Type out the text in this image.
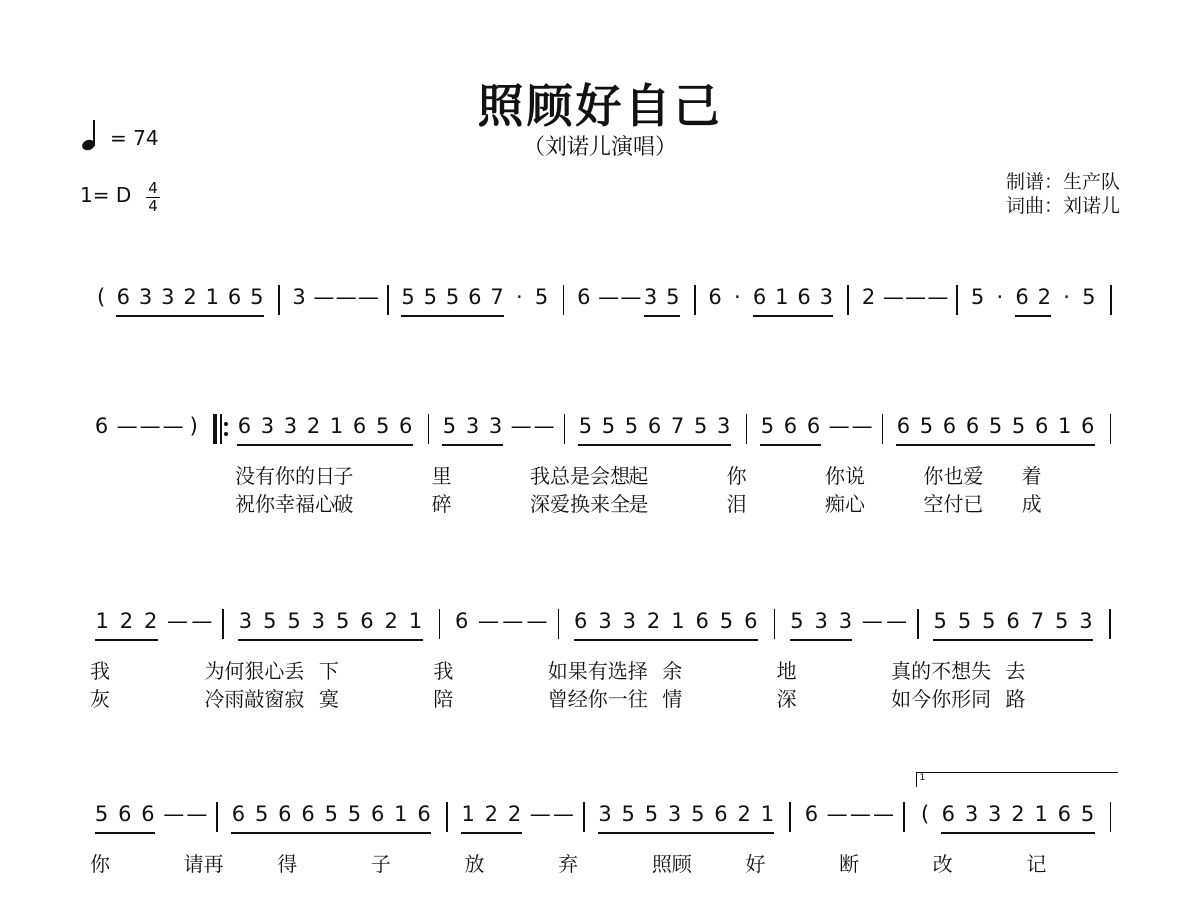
照顾好自己
（刘诺儿演唱）
= 74
1= D 4
4
制谱：生产队
词曲：刘诺儿
( 6 3 3 2 1 6 5 3 — — — 5 5 5 6 7 · 5 6 — — 3 5 6 · 6 1 6 3 2 — — — 5 · 6 2 · 5
6 — — — ) 6 3 3 2 1 6 5 6 5 3 3 — — 5 5 5 6 7 5 3 5 6 6 — — 6 5 6 6 5 5 6 1 6
没有你的日
子	里	我总是会想
起	你	你说	你也爱 着
祝你幸福心
破	碎	深爱换来全
是	泪	痴心	空付已 成
1 2 2 — — 3 5 5 3 5 6 2 1 6 — — — 6 3 3 2 1 6 5 6 5 3 3 — — 5 5 5 6 7 5 3
我	为何狠心丢 下	我	如果有选择 余	地	真的不想失 去
灰	冷雨敲窗寂 寞	陪	曾经你一往 情	深	如今你形同 路
5 6 6 — — 6 5 6 6 5 5 6 1 6 1 2 2 — — 3 5 5 3 5 6 2 1 6 — — — ( 6 3 3 2 1 6 5
1
你	请再	得	子	放	弃	照顾	好	断	改	记
